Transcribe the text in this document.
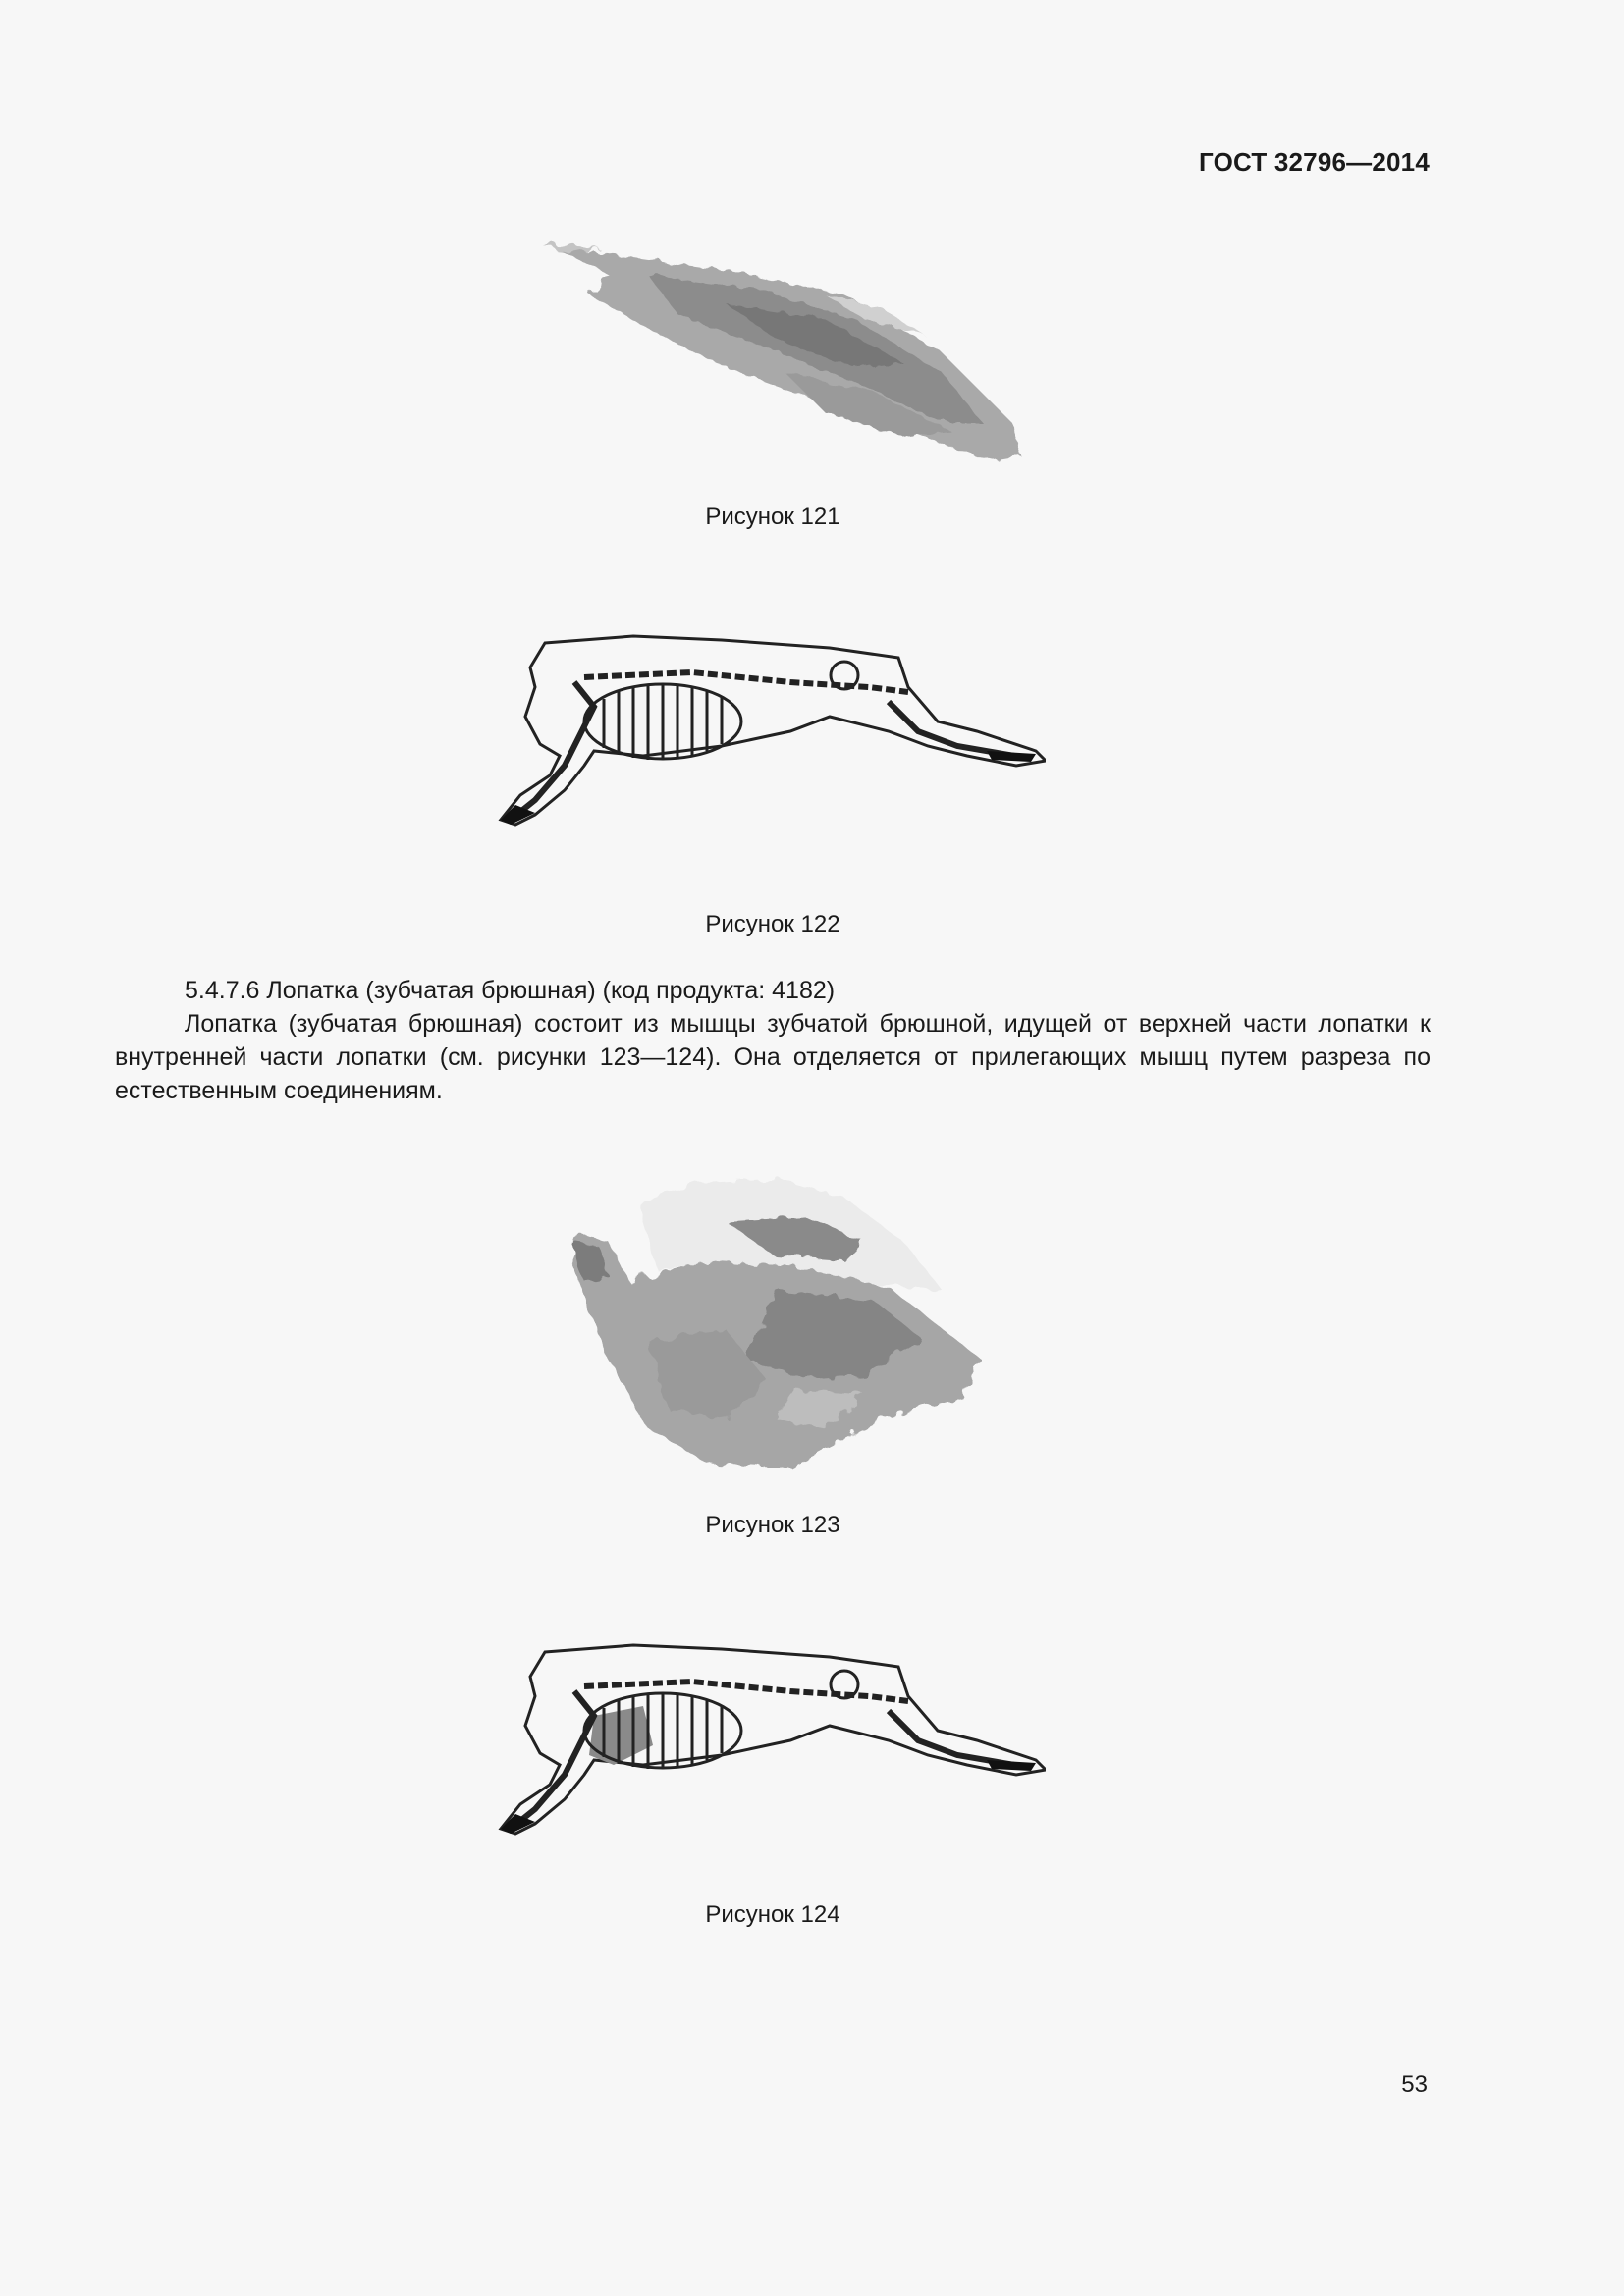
ГОСТ 32796—2014
Рисунок 121
Рисунок 122

5.4.7.6 Лопатка (зубчатая брюшная) (код продукта: 4182)

Лопатка (зубчатая брюшная) состоит из мышцы зубчатой брюшной, идущей от верхней части лопатки к внутренней части лопатки (см. рисунки 123—124). Она отделяется от прилегающих мышц путем разреза по естественным соединениям.

Рисунок 123
Рисунок 124
53
